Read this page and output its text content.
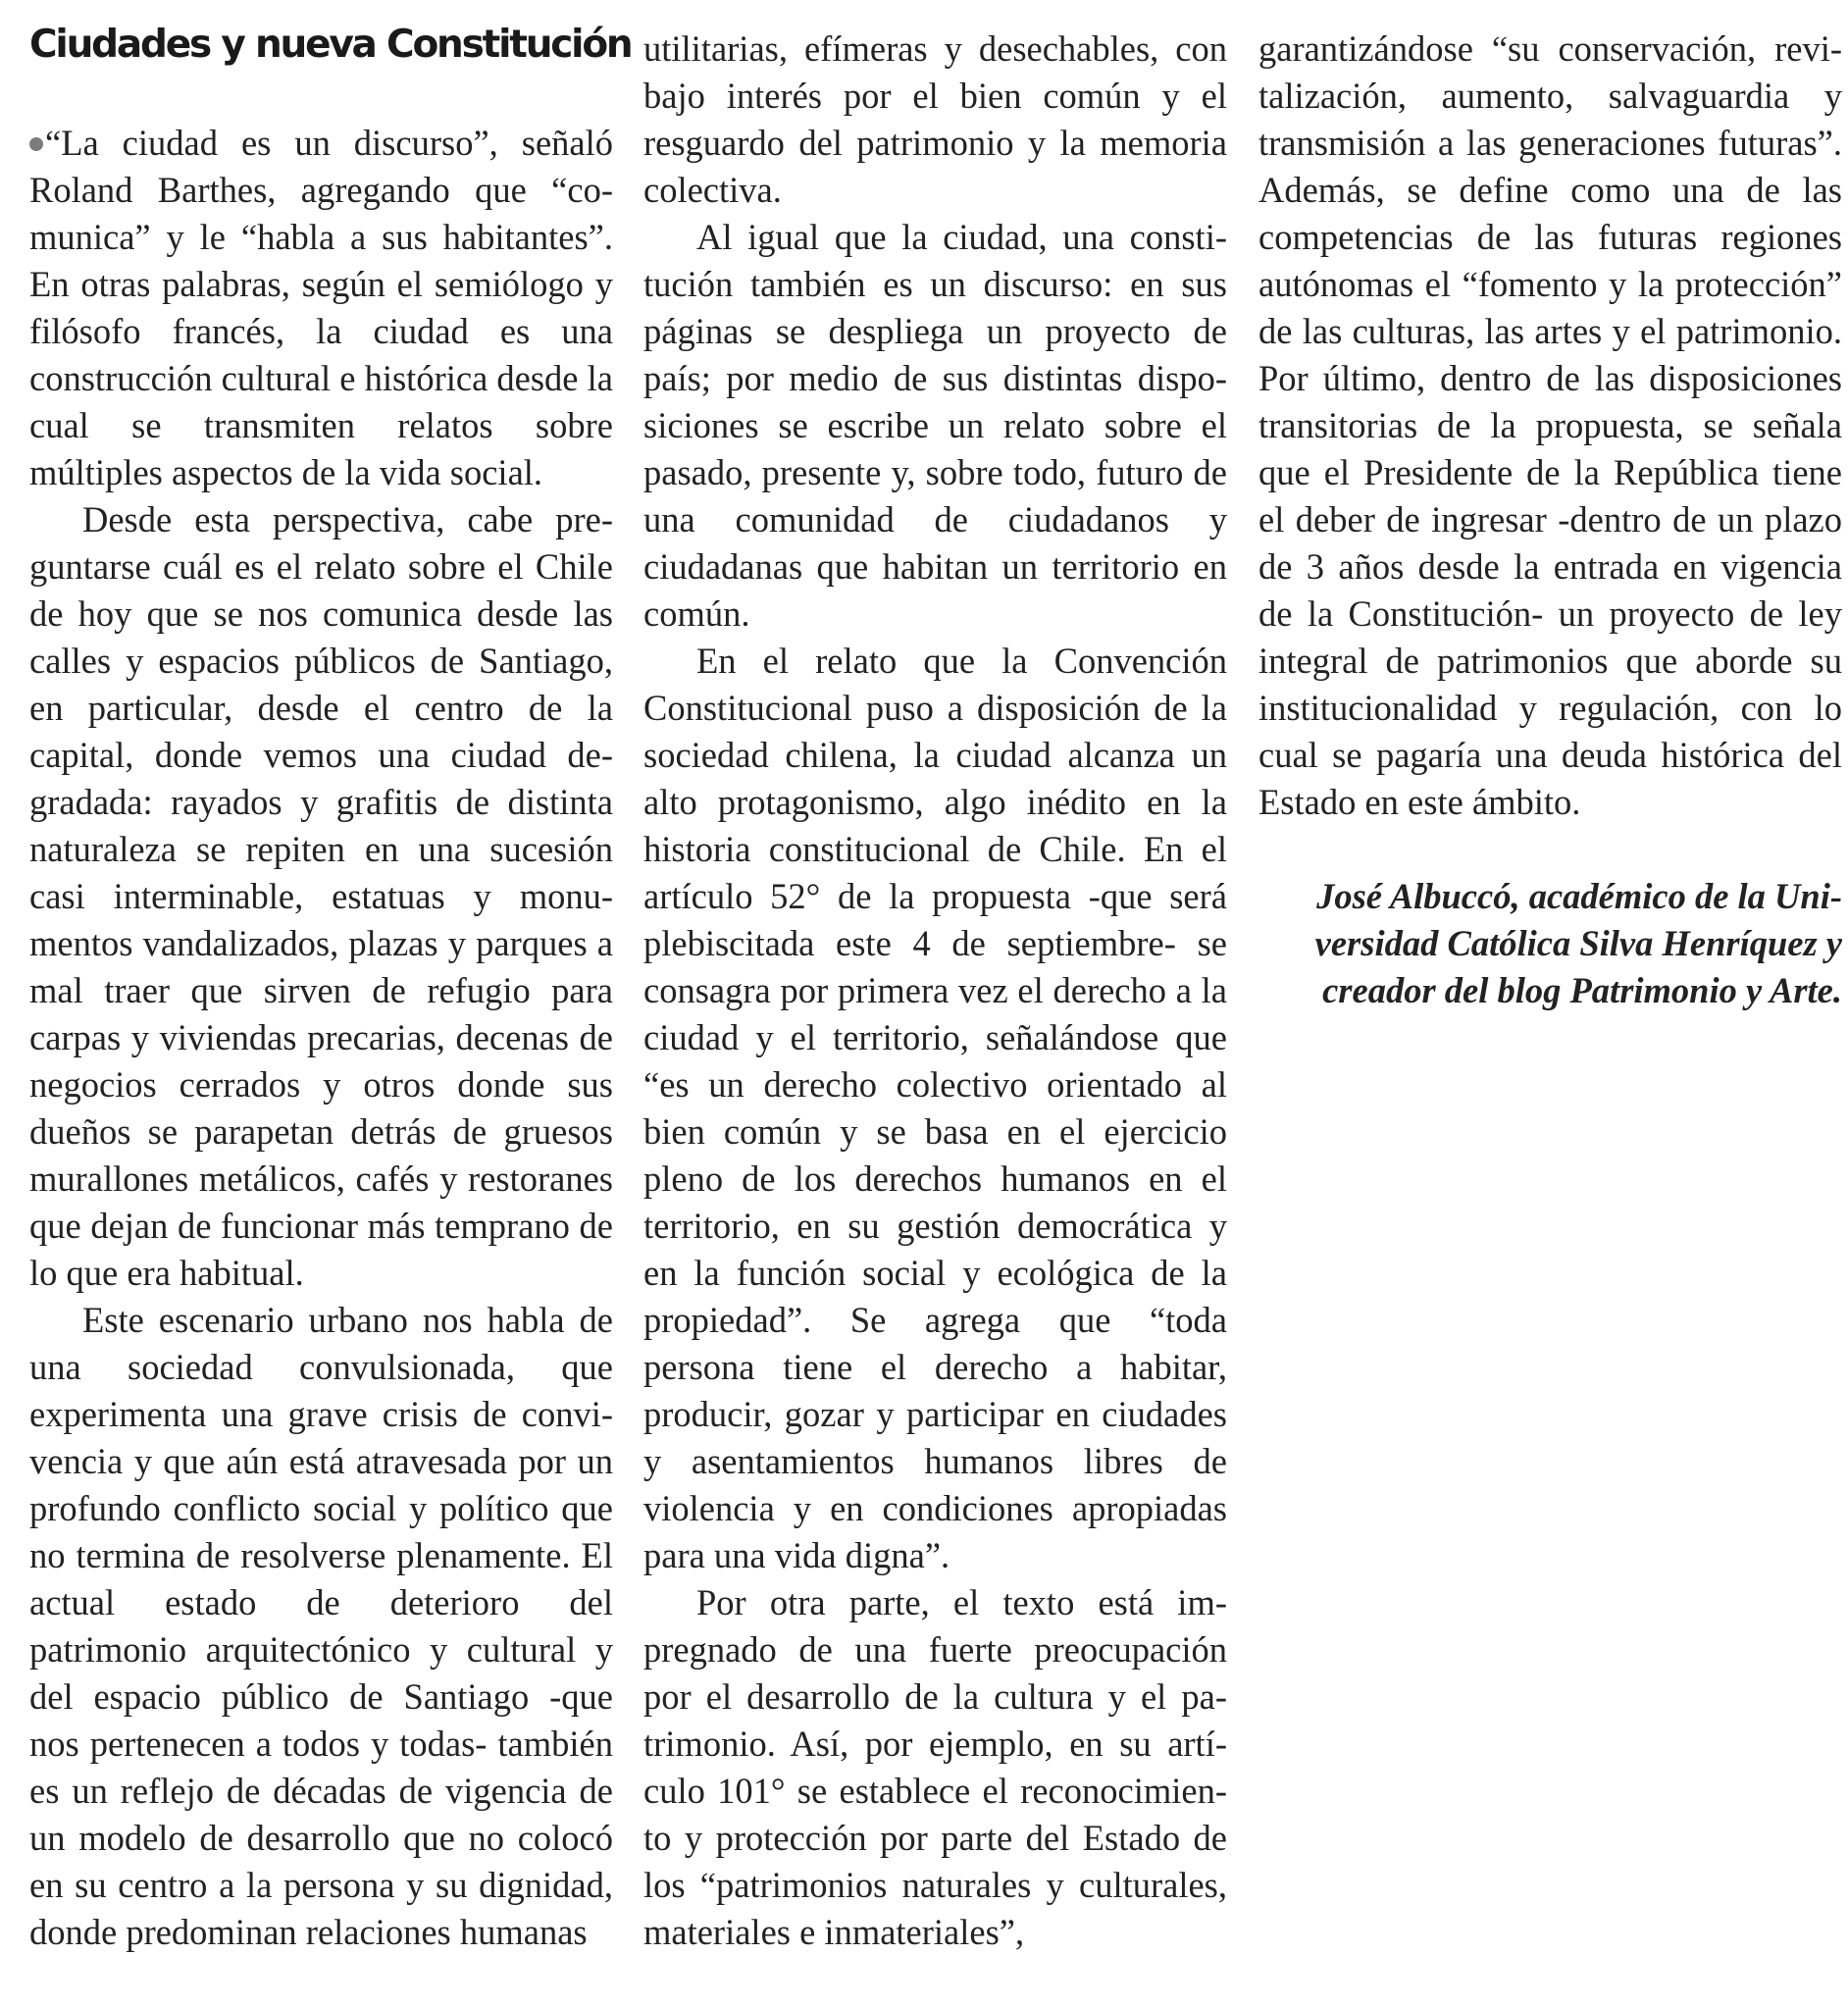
Ciudades y nueva Constitución

“La ciudad es un discurso”, señaló Roland Barthes, agregando que “comunica” y le “habla a sus habitantes”. En otras palabras, según el semiólogo y filósofo francés, la ciudad es una construcción cultural e histórica desde la cual se transmiten relatos sobre múltiples aspectos de la vida social.

Desde esta perspectiva, cabe preguntarse cuál es el relato sobre el Chile de hoy que se nos comunica desde las calles y espacios públicos de Santiago, en particular, desde el centro de la capital, donde vemos una ciudad degradada: rayados y grafitis de distinta naturaleza se repiten en una sucesión casi interminable, estatuas y monumentos vandalizados, plazas y parques a mal traer que sirven de refugio para carpas y viviendas precarias, decenas de negocios cerrados y otros donde sus dueños se parapetan detrás de gruesos murallones metálicos, cafés y restoranes que dejan de funcionar más temprano de lo que era habitual.

Este escenario urbano nos habla de una sociedad convulsionada, que experimenta una grave crisis de convivencia y que aún está atravesada por un profundo conflicto social y político que no termina de resolverse plenamente. El actual estado de deterioro del patrimonio arquitectónico y cultural y del espacio público de Santiago -que nos pertenecen a todos y todas- también es un reflejo de décadas de vigencia de un modelo de desarrollo que no colocó en su centro a la persona y su dignidad, donde predominan relaciones humanas

utilitarias, efímeras y desechables, con bajo interés por el bien común y el resguardo del patrimonio y la memoria colectiva.

Al igual que la ciudad, una constitución también es un discurso: en sus páginas se despliega un proyecto de país; por medio de sus distintas disposiciones se escribe un relato sobre el pasado, presente y, sobre todo, futuro de una comunidad de ciudadanos y ciudadanas que habitan un territorio en común.

En el relato que la Convención Constitucional puso a disposición de la sociedad chilena, la ciudad alcanza un alto protagonismo, algo inédito en la historia constitucional de Chile. En el artículo 52° de la propuesta -que será plebiscitada este 4 de septiembre- se consagra por primera vez el derecho a la ciudad y el territorio, señalándose que “es un derecho colectivo orientado al bien común y se basa en el ejercicio pleno de los derechos humanos en el territorio, en su gestión democrática y en la función social y ecológica de la propiedad”. Se agrega que “toda persona tiene el derecho a habitar, producir, gozar y participar en ciudades y asentamientos humanos libres de violencia y en condiciones apropiadas para una vida digna”.

Por otra parte, el texto está impregnado de una fuerte preocupación por el desarrollo de la cultura y el patrimonio. Así, por ejemplo, en su artículo 101° se establece el reconocimiento y protección por parte del Estado de los “patrimonios naturales y culturales, materiales e inmateriales”,

garantizándose “su conservación, revitalización, aumento, salvaguardia y transmisión a las generaciones futuras”. Además, se define como una de las competencias de las futuras regiones autónomas el “fomento y la protección” de las culturas, las artes y el patrimonio. Por último, dentro de las disposiciones transitorias de la propuesta, se señala que el Presidente de la República tiene el deber de ingresar -dentro de un plazo de 3 años desde la entrada en vigencia de la Constitución- un proyecto de ley integral de patrimonios que aborde su institucionalidad y regulación, con lo cual se pagaría una deuda histórica del Estado en este ámbito.

José Albuccó, académico de la Universidad Católica Silva Henríquez y creador del blog Patrimonio y Arte.
